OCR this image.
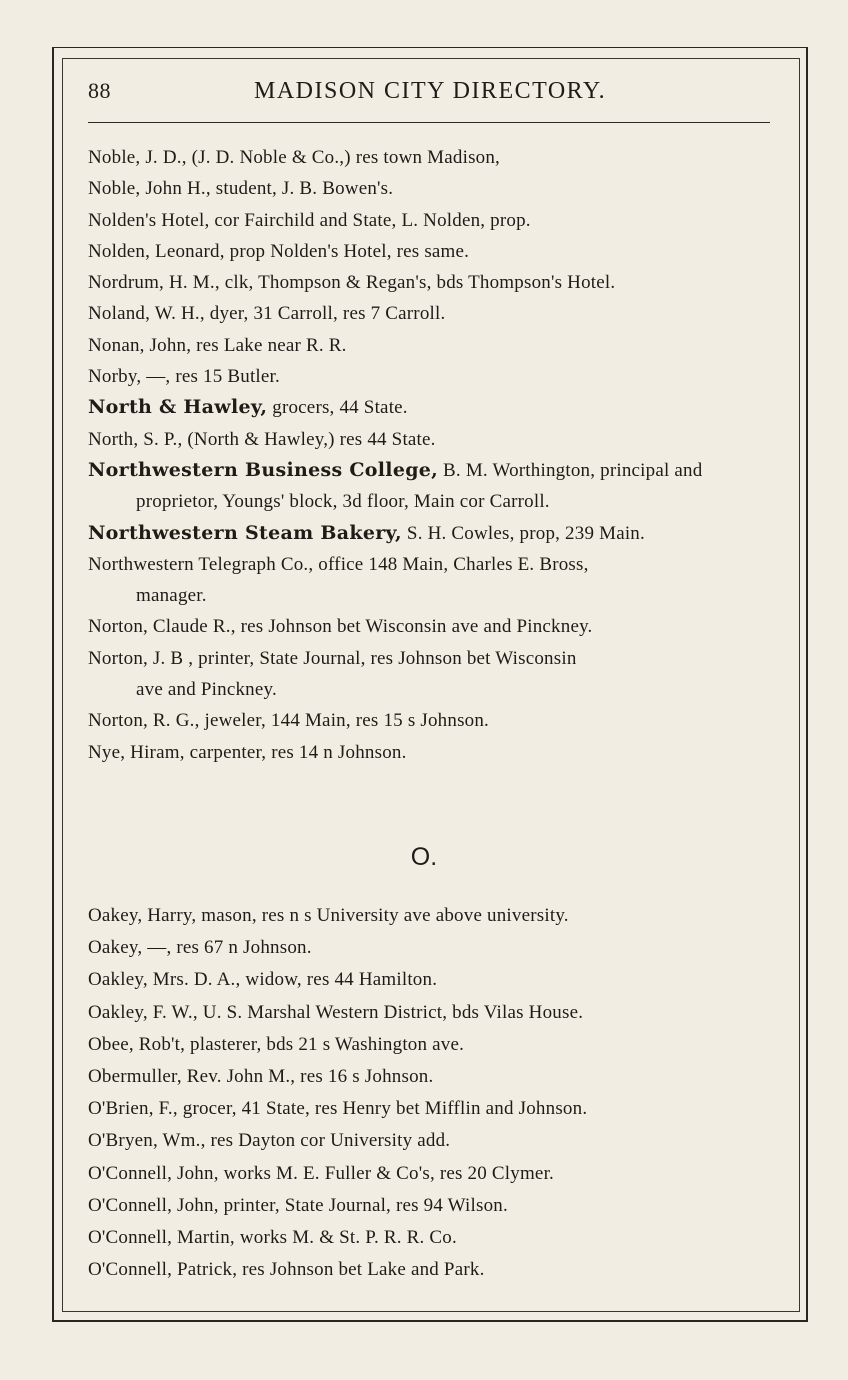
88	MADISON CITY DIRECTORY.
Noble, J. D., (J. D. Noble & Co.,) res town Madison,
Noble, John H., student, J. B. Bowen's.
Nolden's Hotel, cor Fairchild and State, L. Nolden, prop.
Nolden, Leonard, prop Nolden's Hotel, res same.
Nordrum, H. M., clk, Thompson & Regan's, bds Thompson's Hotel.
Noland, W. H., dyer, 31 Carroll, res 7 Carroll.
Nonan, John, res Lake near R. R.
Norby, —, res 15 Butler.
North & Hawley, grocers, 44 State.
North, S. P., (North & Hawley,) res 44 State.
Northwestern Business College, B. M. Worthington, principal and
proprietor, Youngs' block, 3d floor, Main cor Carroll.
Northwestern Steam Bakery, S. H. Cowles, prop, 239 Main.
Northwestern Telegraph Co., office 148 Main, Charles E. Bross,
manager.
Norton, Claude R., res Johnson bet Wisconsin ave and Pinckney.
Norton, J. B , printer, State Journal, res Johnson bet Wisconsin
ave and Pinckney.
Norton, R. G., jeweler, 144 Main, res 15 s Johnson.
Nye, Hiram, carpenter, res 14 n Johnson.
O.
Oakey, Harry, mason, res n s University ave above university.
Oakey, —, res 67 n Johnson.
Oakley, Mrs. D. A., widow, res 44 Hamilton.
Oakley, F. W., U. S. Marshal Western District, bds Vilas House.
Obee, Rob't, plasterer, bds 21 s Washington ave.
Obermuller, Rev. John M., res 16 s Johnson.
O'Brien, F., grocer, 41 State, res Henry bet Mifflin and Johnson.
O'Bryen, Wm., res Dayton cor University add.
O'Connell, John, works M. E. Fuller & Co's, res 20 Clymer.
O'Connell, John, printer, State Journal, res 94 Wilson.
O'Connell, Martin, works M. & St. P. R. R. Co.
O'Connell, Patrick, res Johnson bet Lake and Park.
